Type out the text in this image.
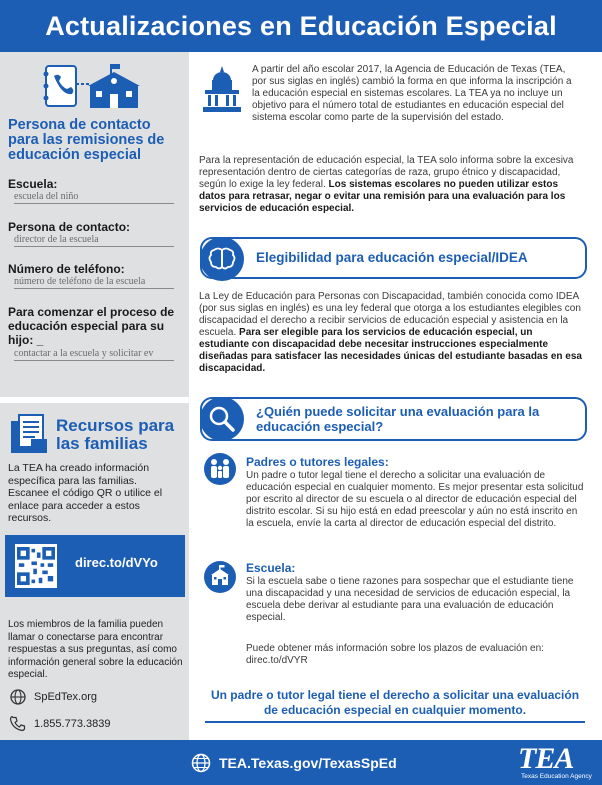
Actualizaciones en Educación Especial
Persona de contacto para las remisiones de educación especial
Escuela:
escuela del niño
Persona de contacto:
director de la escuela
Número de teléfono:
número de teléfono de la escuela
Para comenzar el proceso de educación especial para su hijo: _
contactar a la escuela y solicitar ev
Recursos para las familias
La TEA ha creado información específica para las familias. Escanee el código QR o utilice el enlace para acceder a estos recursos.
direc.to/dVYo
Los miembros de la familia pueden llamar o conectarse para encontrar respuestas a sus preguntas, así como información general sobre la educación especial.
SpEdTex.org
1.855.773.3839
A partir del año escolar 2017, la Agencia de Educación de Texas (TEA, por sus siglas en inglés) cambió la forma en que informa la inscripción a la educación especial en sistemas escolares. La TEA ya no incluye un objetivo para el número total de estudiantes en educación especial del sistema escolar como parte de la supervisión del estado.
Para la representación de educación especial, la TEA solo informa sobre la excesiva representación dentro de ciertas categorías de raza, grupo étnico y discapacidad, según lo exige la ley federal. Los sistemas escolares no pueden utilizar estos datos para retrasar, negar o evitar una remisión para una evaluación para los servicios de educación especial.
Elegibilidad para educación especial/IDEA
La Ley de Educación para Personas con Discapacidad, también conocida como IDEA (por sus siglas en inglés) es una ley federal que otorga a los estudiantes elegibles con discapacidad el derecho a recibir servicios de educación especial y asistencia en la escuela. Para ser elegible para los servicios de educación especial, un estudiante con discapacidad debe necesitar instrucciones especialmente diseñadas para satisfacer las necesidades únicas del estudiante basadas en esa discapacidad.
¿Quién puede solicitar una evaluación para la educación especial?
Padres o tutores legales:
Un padre o tutor legal tiene el derecho a solicitar una evaluación de educación especial en cualquier momento. Es mejor presentar esta solicitud por escrito al director de su escuela o al director de educación especial del distrito escolar. Si su hijo está en edad preescolar y aún no está inscrito en la escuela, envíe la carta al director de educación especial del distrito.
Escuela:
Si la escuela sabe o tiene razones para sospechar que el estudiante tiene una discapacidad y una necesidad de servicios de educación especial, la escuela debe derivar al estudiante para una evaluación de educación especial.
Puede obtener más información sobre los plazos de evaluación en: direc.to/dVYR
Un padre o tutor legal tiene el derecho a solicitar una evaluación de educación especial en cualquier momento.
TEA.Texas.gov/TexasSpEd	TEA
Texas Education Agency
